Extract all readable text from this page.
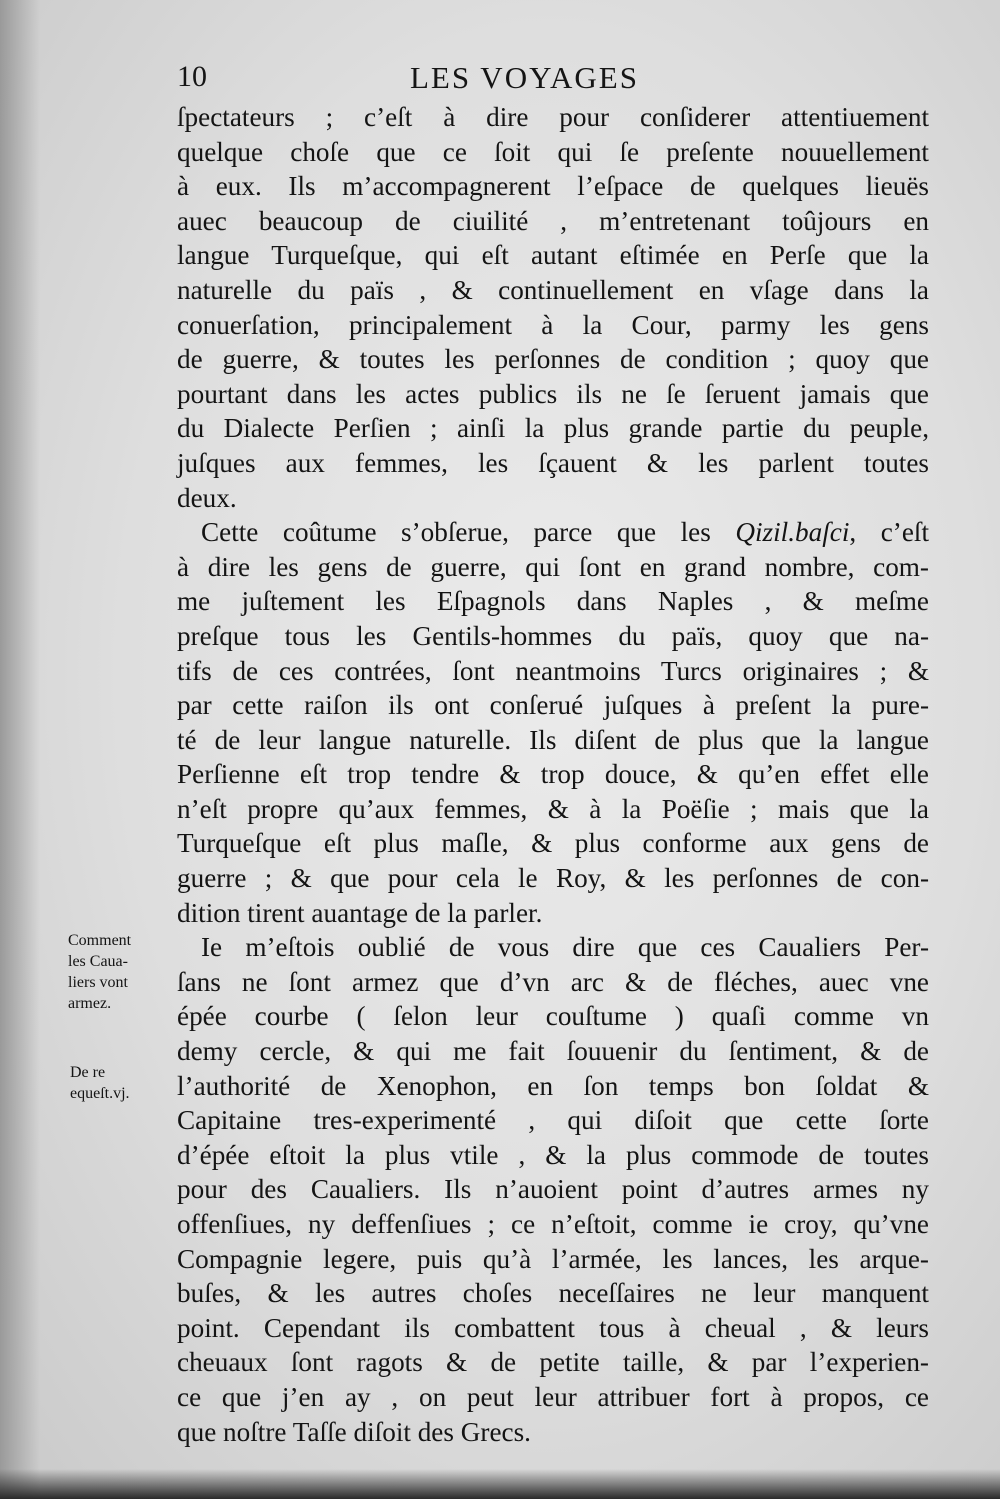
10	LES VOYAGES
ſpectateurs ; c’eſt à dire pour conſiderer attentiuement
quelque choſe que ce ſoit qui ſe preſente nouuellement
à eux. Ils m’accompagnerent l’eſpace de quelques lieuës
auec beaucoup de ciuilité , m’entretenant toûjours en
langue Turqueſque, qui eſt autant eſtimée en Perſe que la
naturelle du païs , & continuellement en vſage dans la
conuerſation, principalement à la Cour, parmy les gens
de guerre, & toutes les perſonnes de condition ; quoy que
pourtant dans les actes publics ils ne ſe ſeruent jamais que
du Dialecte Perſien ; ainſi la plus grande partie du peuple,
juſques aux femmes, les ſçauent & les parlent toutes
deux.
Cette coûtume s’obſerue, parce que les Qizil.baſci, c’eſt
à dire les gens de guerre, qui ſont en grand nombre, com-
me juſtement les Eſpagnols dans Naples , & meſme
preſque tous les Gentils-hommes du païs, quoy que na-
tifs de ces contrées, ſont neantmoins Turcs originaires ; &
par cette raiſon ils ont conſerué juſques à preſent la pure-
té de leur langue naturelle. Ils diſent de plus que la langue
Perſienne eſt trop tendre & trop douce, & qu’en effet elle
n’eſt propre qu’aux femmes, & à la Poëſie ; mais que la
Turqueſque eſt plus maſle, & plus conforme aux gens de
guerre ; & que pour cela le Roy, & les perſonnes de con-
dition tirent auantage de la parler.
Ie m’eſtois oublié de vous dire que ces Caualiers Per-
ſans ne ſont armez que d’vn arc & de fléches, auec vne
épée courbe ( ſelon leur couſtume ) quaſi comme vn
demy cercle, & qui me fait ſouuenir du ſentiment, & de
l’authorité de Xenophon, en ſon temps bon ſoldat &
Capitaine tres-experimenté , qui diſoit que cette ſorte
d’épée eſtoit la plus vtile , & la plus commode de toutes
pour des Caualiers. Ils n’auoient point d’autres armes ny
offenſiues, ny deffenſiues ; ce n’eſtoit, comme ie croy, qu’vne
Compagnie legere, puis qu’à l’armée, les lances, les arque-
buſes, & les autres choſes neceſſaires ne leur manquent
point. Cependant ils combattent tous à cheual , & leurs
cheuaux ſont ragots & de petite taille, & par l’experien-
ce que j’en ay , on peut leur attribuer fort à propos, ce
que noſtre Taſſe diſoit des Grecs.
Comment
les Caua-
liers vont
armez.
De re
equeſt.vj.
